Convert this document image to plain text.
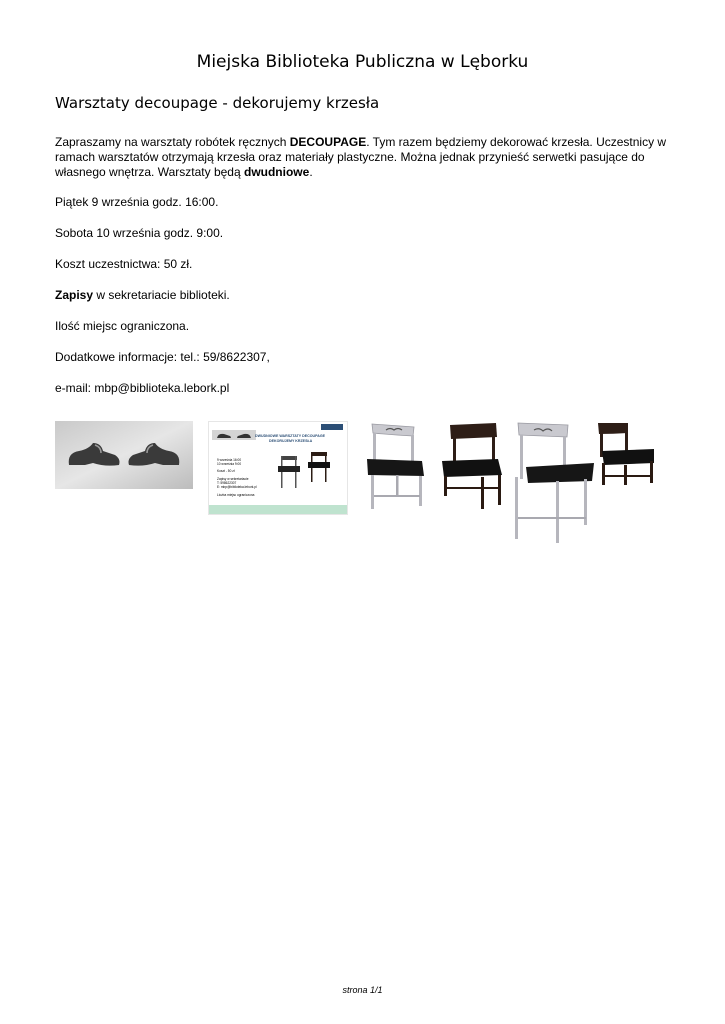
Miejska Biblioteka Publiczna w Lęborku
Warsztaty decoupage - dekorujemy krzesła

Zapraszamy na warsztaty robótek ręcznych DECOUPAGE. Tym razem będziemy dekorować krzesła. Uczestnicy w ramach warsztatów otrzymają krzesła oraz materiały plastyczne. Można jednak przynieść serwetki pasujące do własnego wnętrza. Warsztaty będą dwudniowe.

Piątek 9 września godz. 16:00.

Sobota 10 września godz. 9:00.

Koszt uczestnictwa: 50 zł.

Zapisy w sekretariacie biblioteki.

Ilość miejsc ograniczona.

Dodatkowe informacje: tel.: 59/8622307,

e-mail: mbp@biblioteka.lebork.pl

DWUDNIOWE WARSZTATY DECOUPAGE
DEKORUJEMY KRZESŁA
9 września 16:00
10 września 9:00
Koszt - 50 zł
Zapisy w sekretariacie
T: 598622307
E: mbp@biblioteka.lebork.pl
Liczba miejsc ograniczona
strona 1/1
